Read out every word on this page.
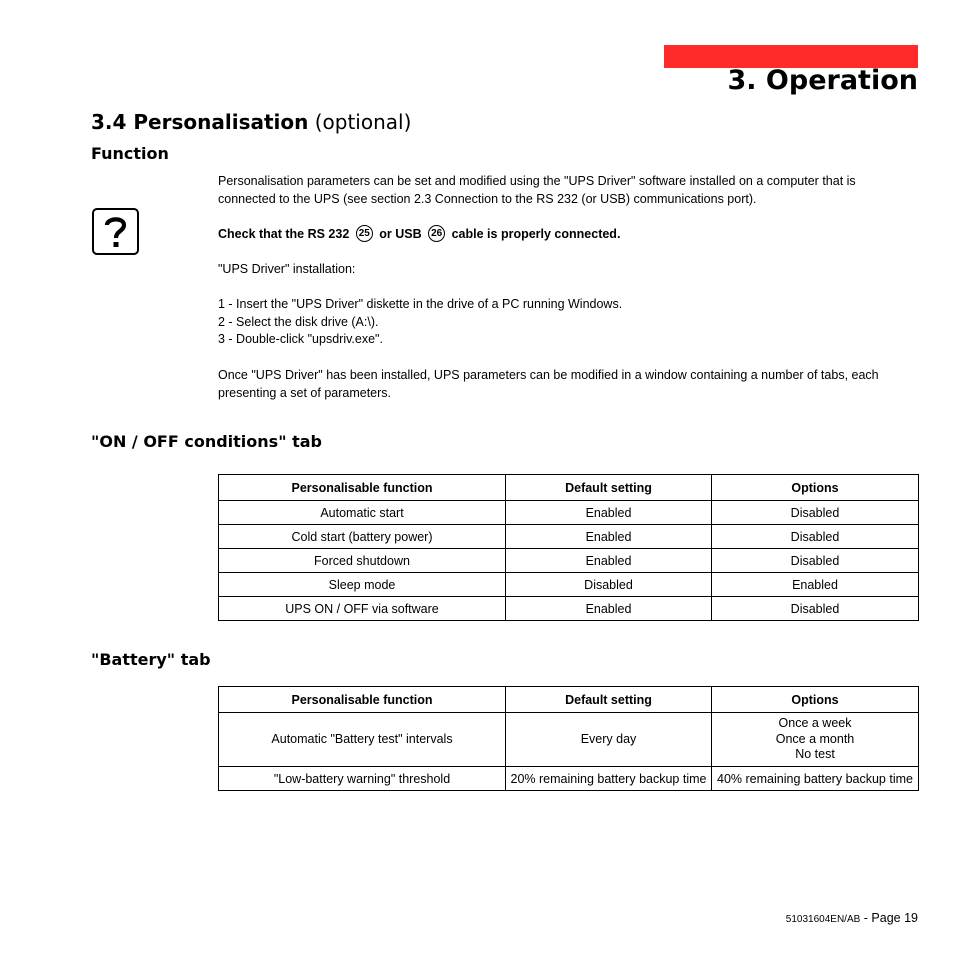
3. Operation
3.4 Personalisation (optional)
Function

Personalisation parameters can be set and modified using the "UPS Driver" software installed on a computer that is
connected to the UPS (see section 2.3 Connection to the RS 232 (or USB) communications port).

Check that the RS 232 25 or USB 26 cable is properly connected.

"UPS Driver" installation:

1 - Insert the "UPS Driver" diskette in the drive of a PC running Windows.
2 - Select the disk drive (A:\).
3 - Double-click "upsdriv.exe".

Once "UPS Driver" has been installed, UPS parameters can be modified in a window containing a number of tabs, each
presenting a set of parameters.

"ON / OFF conditions" tab
Personalisable function	Default setting	Options
Automatic start	Enabled	Disabled
Cold start (battery power)	Enabled	Disabled
Forced shutdown	Enabled	Disabled
Sleep mode	Disabled	Enabled
UPS ON / OFF via software	Enabled	Disabled
"Battery" tab
Personalisable function	Default setting	Options
Automatic "Battery test" intervals	Every day	Once a week
Once a month
No test
"Low-battery warning" threshold	20% remaining battery backup time	40% remaining battery backup time
51031604EN/AB - Page 19
